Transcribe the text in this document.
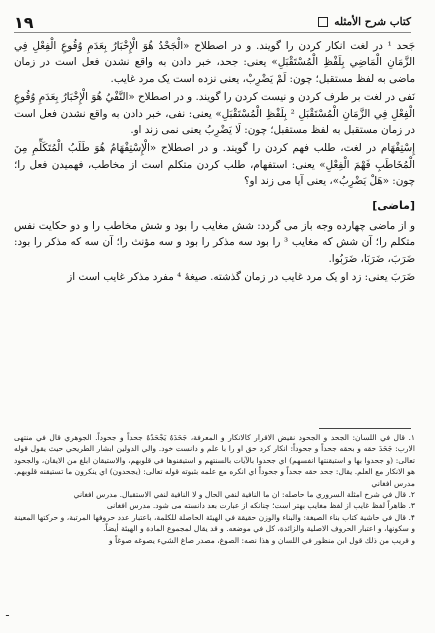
۱۹	کتاب شرح الأمثله

جَحد ¹ در لغت انکار کردن را گویند. و در اصطلاح «الْجَحْدُ هُوَ الْإِخْبَارُ بِعَدَمِ وُقُوعِ الْفِعْلِ فِي الزَّمَانِ الْمَاضِي بِلَفْظِ الْمُسْتَقْبَلِ» یعنی: جحد، خبر دادن به واقع نشدن فعل است در زمان ماضی به لفظ مستقبل؛ چون: لَمْ يَضْرِبْ، یعنی نزده است یک مرد غایب.

نَفی در لغت بر طرف کردن و نیست کردن را گویند. و در اصطلاح «النَّفْيُ هُوَ الْإِخْبَارُ بِعَدَمِ وُقُوعِ الْفِعْلِ فِي الزَّمَانِ الْمُسْتَقْبَلِ ² بِلَفْظِ الْمُسْتَقْبَلِ» یعنی: نفی، خبر دادن به واقع نشدن فعل است در زمان مستقبل به لفظ مستقبل؛ چون: لَا يَضْرِبُ یعنی نمی زند او.

إِسْتِفْهَام در لغت، طلب فهم کردن را گویند. و در اصطلاح «الْإِسْتِفْهَامُ هُوَ طَلَبُ الْمُتَكَلِّمِ مِنَ الْمُخَاطَبِ فَهْمَ الْفِعْلِ» یعنی: استفهام، طلب کردن متکلم است از مخاطب، فهمیدن فعل را؛ چون: «هَلْ يَضْرِبُ»، یعنی آیا می زند او؟

[ماضی]

و از ماضی چهارده وجه باز می گردد: شش مغایب را بود و شش مخاطب را و دو حکایت نفس متکلم را؛ آن شش که مغایب ³ را بود سه مذکر را بود و سه مؤنث را؛ آن سه که مذکر را بود: ضَرَبَ، ضَرَبَا، ضَرَبُوا.

ضَرَبَ یعنی: زد او یک مرد غایب در زمان گذشته. صیغهٔ ⁴ مفرد مذکر غایب است از

۱. قال في اللسان: الجحد و الجحود نقيض الاقرار كالانكار و المعرفة، جَحَدَهُ يَجْحَدُهُ جحداً و جحوداً. الجوهري قال في منتهى الارب: جَحَدَ حقه و بحقه جحداً و جحوداً: انكار كرد حق او را با علم و دانست خود. والي الدولين ابشار الطريحي حيث يقول قوله تعالى: (و جحدوا بها و استيقنتها انفسهم) اي جحدوا بالآيات بالسنتهم و استيقنوها في قلوبهم، والاستيقان ابلغ من الايقان، والجحود هو الانكار مع العلم. يقال: جحد حقه جحداً و جحوداً اي انكره مع علمه بثبوته قوله تعالى: (يجحدون) اي ينكرون ما تستيقنه قلوبهم. مدرس افغاني

۲. قال في شرح امثلة السروري ما حاصله: ان ما النافية لنفي الحال و لا النافية لنفي الاستقبال. مدرس افغاني

۳. ظاهراً لفظ غایب از لفظ مغایب بهتر است؛ چنانکه از عبارت بعد دانسته می شود. مدرس افغانی

۴. قال في حاشية كتاب بناء الصيغة: والبناء والوزن حقيقة في الهيئة الحاصلة للكلمة، باعتبار عدد حروفها المرتبة، و حركتها المعينة و سكونها، و اعتبار الحروف الاصلية والزائدة، كل في موضعه. و قد يقال لمجموع المادة و الهيئة أيضاً.

و قريب من ذلك قول ابن منظور في اللسان و هذا نصه: الصوغ، مصدر صاغ الشيء يصوغه صوغاً و

ـ
